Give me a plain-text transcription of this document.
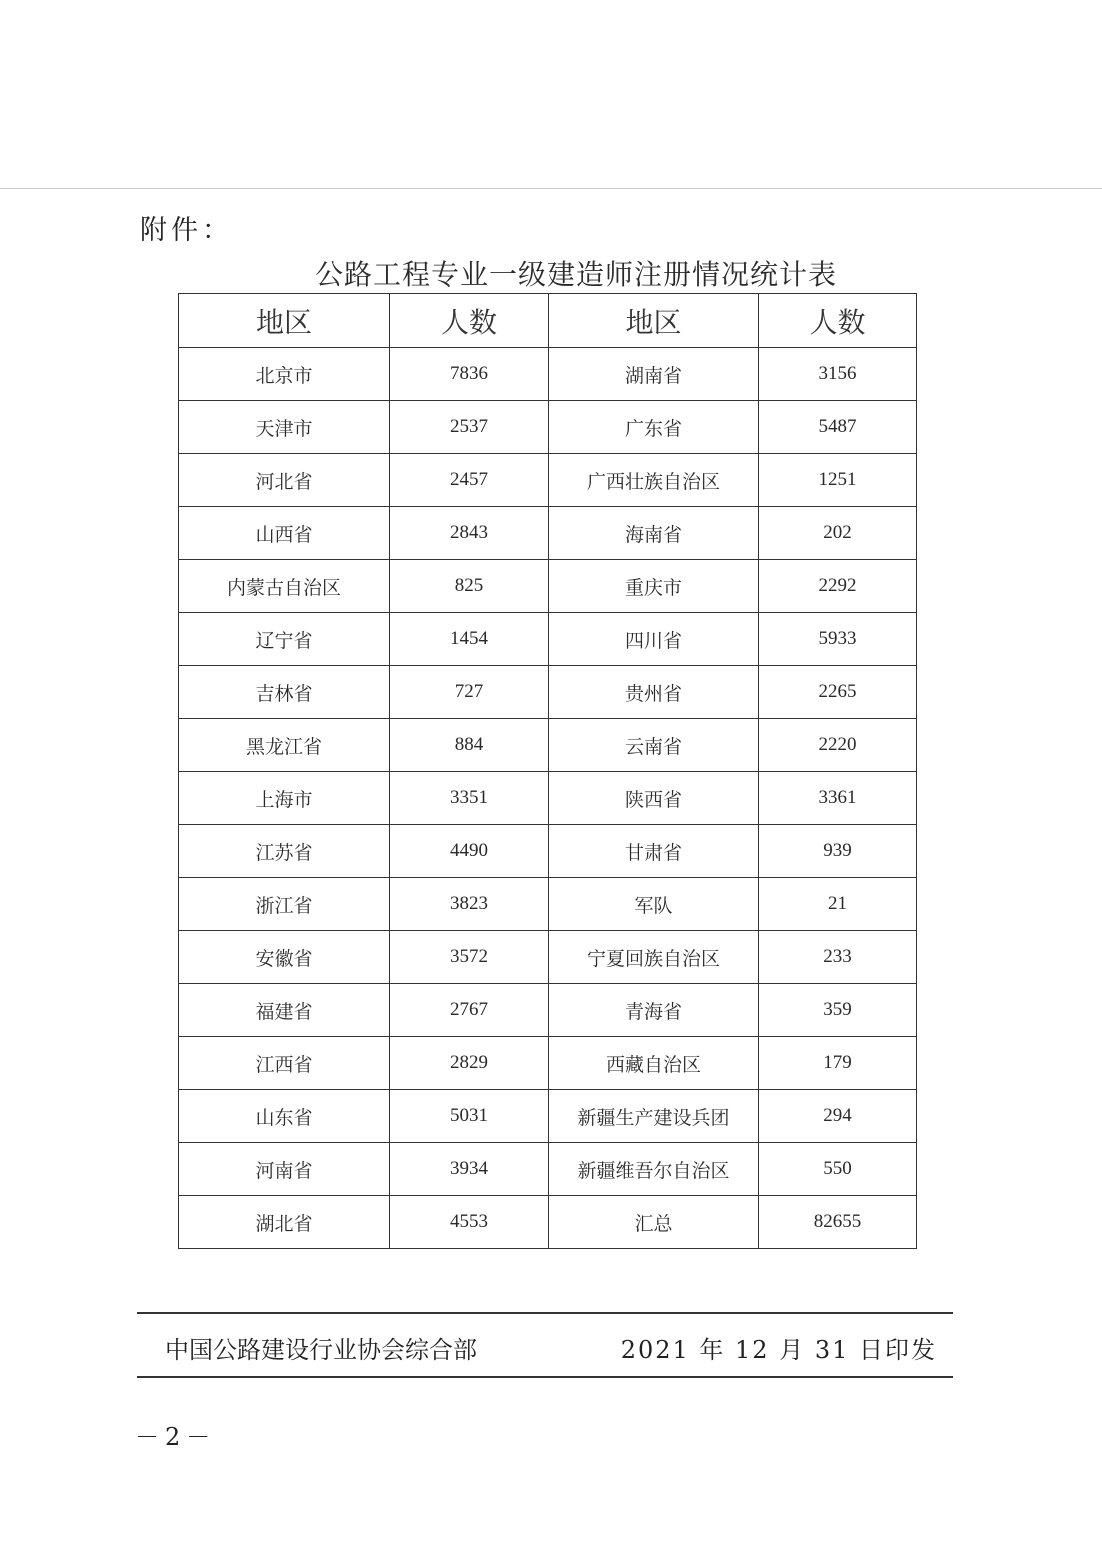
附件：
公路工程专业一级建造师注册情况统计表
地区	人数	地区	人数
北京市	7836	湖南省	3156
天津市	2537	广东省	5487
河北省	2457	广西壮族自治区	1251
山西省	2843	海南省	202
内蒙古自治区	825	重庆市	2292
辽宁省	1454	四川省	5933
吉林省	727	贵州省	2265
黑龙江省	884	云南省	2220
上海市	3351	陕西省	3361
江苏省	4490	甘肃省	939
浙江省	3823	军队	21
安徽省	3572	宁夏回族自治区	233
福建省	2767	青海省	359
江西省	2829	西藏自治区	179
山东省	5031	新疆生产建设兵团	294
河南省	3934	新疆维吾尔自治区	550
湖北省	4553	汇总	82655
中国公路建设行业协会综合部	2021 年 12 月 31 日印发
－2－
